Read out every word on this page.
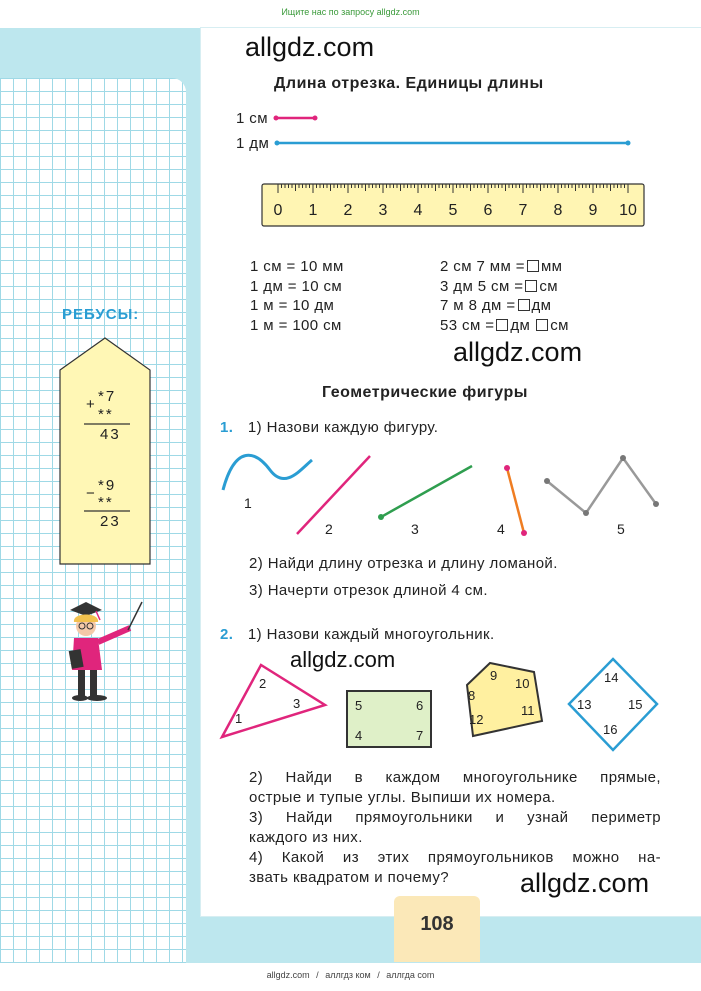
Ищите нас по запросу allgdz.com
allgdz.com
allgdz.com
allgdz.com
allgdz.com
Длина отрезка. Единицы длины
1 см
1 дм
0	1	2	3	4	5	6	7	8	9	10
1 см = 10 мм
1 дм = 10 см
1 м = 10 дм
1 м = 100 см
2 см 7 мм = мм
3 дм 5 см = см
7 м 8 дм = дм
53 см = дм см
Геометрические фигуры
1. 1) Назови каждую фигуру.
1
2	3	4	5
2) Найди длину отрезка и длину ломаной.
3) Начерти отрезок длиной 4 см.
2. 1) Назови каждый многоугольник.
1
2
3	5	6
4	7
8
9
10
11
12
14
13	15
16
2) Найди в каждом многоугольнике прямые,
острые и тупые углы. Выпиши их номера.
3) Найди прямоугольники и узнай периметр
каждого из них.
4) Какой из этих прямоугольников можно на-
звать квадратом и почему?
РЕБУСЫ:
+ *7
**
43
− *9
**
23
108
allgdz.com / аллгдз ком / аллгда com
